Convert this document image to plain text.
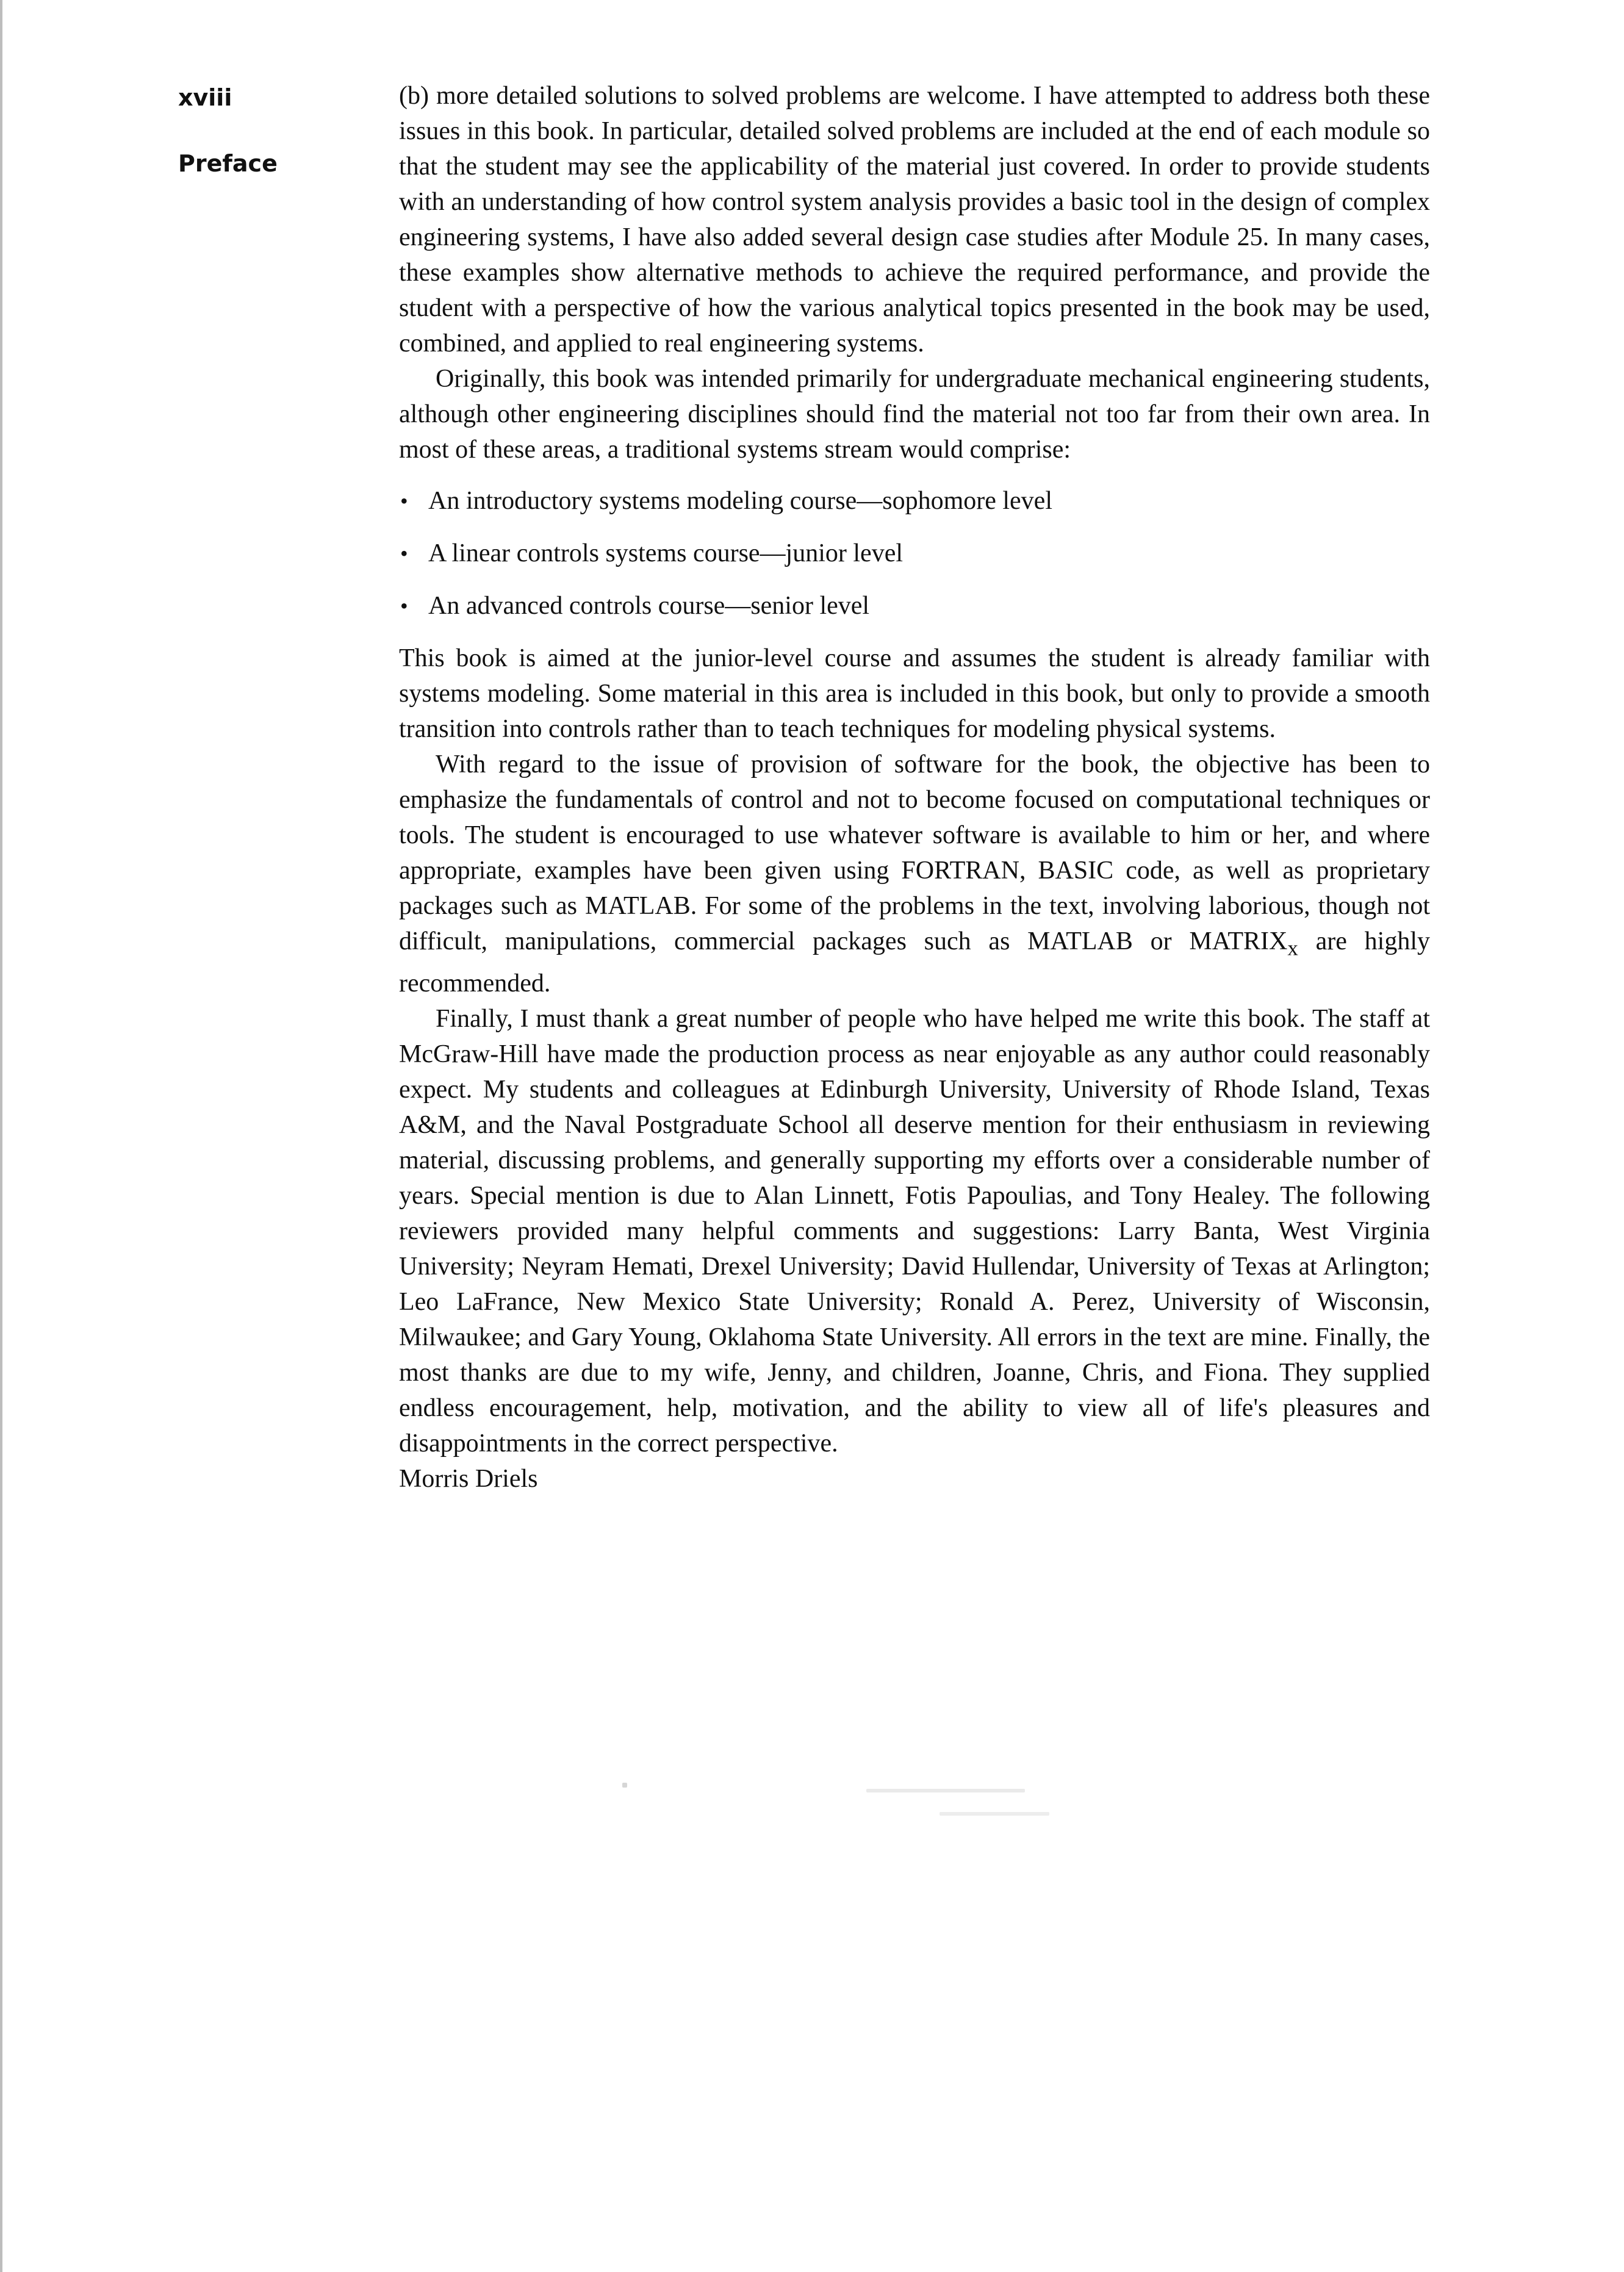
xviii
Preface

(b) more detailed solutions to solved problems are welcome. I have attempted to address both these issues in this book. In particular, detailed solved problems are included at the end of each module so that the student may see the applicability of the material just covered. In order to provide students with an understanding of how control system analysis provides a basic tool in the design of complex engineering systems, I have also added several design case studies after Module 25. In many cases, these examples show alternative methods to achieve the required performance, and provide the student with a perspective of how the various analytical topics presented in the book may be used, combined, and applied to real engineering systems.

Originally, this book was intended primarily for undergraduate mechanical engineering students, although other engineering disciplines should find the material not too far from their own area. In most of these areas, a traditional systems stream would comprise:

• An introductory systems modeling course—sophomore level
• A linear controls systems course—junior level
• An advanced controls course—senior level

This book is aimed at the junior-level course and assumes the student is already familiar with systems modeling. Some material in this area is included in this book, but only to provide a smooth transition into controls rather than to teach techniques for modeling physical systems.

With regard to the issue of provision of software for the book, the objective has been to emphasize the fundamentals of control and not to become focused on computational techniques or tools. The student is encouraged to use whatever software is available to him or her, and where appropriate, examples have been given using FORTRAN, BASIC code, as well as proprietary packages such as MATLAB. For some of the problems in the text, involving laborious, though not difficult, manipulations, commercial packages such as MATLAB or $MATRIX_x$ are highly recommended.

Finally, I must thank a great number of people who have helped me write this book. The staff at McGraw-Hill have made the production process as near enjoyable as any author could reasonably expect. My students and colleagues at Edinburgh University, University of Rhode Island, Texas A&M, and the Naval Postgraduate School all deserve mention for their enthusiasm in reviewing material, discussing problems, and generally supporting my efforts over a considerable number of years. Special mention is due to Alan Linnett, Fotis Papoulias, and Tony Healey. The following reviewers provided many helpful comments and suggestions: Larry Banta, West Virginia University; Neyram Hemati, Drexel University; David Hullendar, University of Texas at Arlington; Leo LaFrance, New Mexico State University; Ronald A. Perez, University of Wisconsin, Milwaukee; and Gary Young, Oklahoma State University. All errors in the text are mine. Finally, the most thanks are due to my wife, Jenny, and children, Joanne, Chris, and Fiona. They supplied endless encouragement, help, motivation, and the ability to view all of life's pleasures and disappointments in the correct perspective.

Morris Driels
